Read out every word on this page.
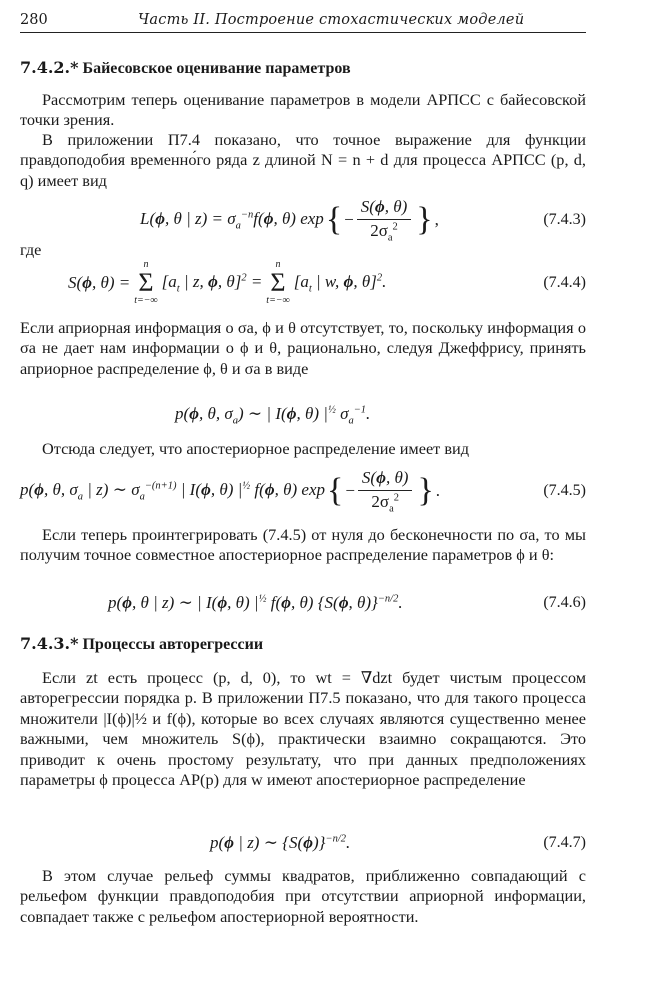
280	Часть II. Построение стохастических моделей
7.4.2.* Байесовское оценивание параметров

Рассмотрим теперь оценивание параметров в модели АРПСС с байесовской точки зрения.

В приложении П7.4 показано, что точное выражение для функции правдоподобия временно́го ряда z длиной N = n + d для процесса АРПСС (p, d, q) имеет вид

L(ϕ, θ | $z) = \sigma_a^{-n}f(\phi$, θ) exp { − $\frac{S(\phi, \theta)}{2\sigma_a^2}$ } ,	(7.4.3)

где

S(ϕ, θ) =
n
Σ
t=−∞
[$a_t$ | z, ϕ, θ]$^2$ =
n
Σ
t=−∞
[$a_t$ | w, ϕ, θ]$^2$.	(7.4.4)

Если априорная информация о σa, ϕ и θ отсутствует, то, поскольку информация о σa не дает нам информации о ϕ и θ, рационально, следуя Джеффрису, принять априорное распределение ϕ, θ и σa в виде

p(ϕ, θ, $\sigma_a$) ∼ | I(ϕ, θ) $|^{\frac{1}{2}}$ $\sigma_a^{-1}$.

Отсюда следует, что апостериорное распределение имеет вид

p(ϕ, θ, $\sigma_a$ | z) ∼ $\sigma_a^{-(n+1)}$ | I(ϕ, θ) $|^{\frac{1}{2}}$ f(ϕ, θ) exp { − $\frac{S(\phi, \theta)}{2\sigma_a^2}$ } .	(7.4.5)

Если теперь проинтегрировать (7.4.5) от нуля до бесконечности по σa, то мы получим точное совместное апостериорное распределение параметров ϕ и θ:

p(ϕ, θ | z) ∼ | I(ϕ, θ) $|^{\frac{1}{2}}$ f(ϕ, θ) {S(ϕ, θ)}$^{-n/2}$.	(7.4.6)
7.4.3.* Процессы авторегрессии

Если zt есть процесс (p, d, 0), то wt = ∇dzt будет чистым процессом авторегрессии порядка p. В приложении П7.5 показано, что для такого процесса множители |I(ϕ)|½ и f(ϕ), которые во всех случаях являются существенно менее важными, чем множитель S(ϕ), практически взаимно сокращаются. Это приводит к очень простому результату, что при данных предположениях параметры ϕ процесса АР(p) для w имеют апостериорное распределение

p(ϕ | z) ∼ $\{S(\phi)\}^{-n/2}$.	(7.4.7)

В этом случае рельеф суммы квадратов, приближенно совпадающий с рельефом функции правдоподобия при отсутствии априорной информации, совпадает также с рельефом апостериорной вероятности.
